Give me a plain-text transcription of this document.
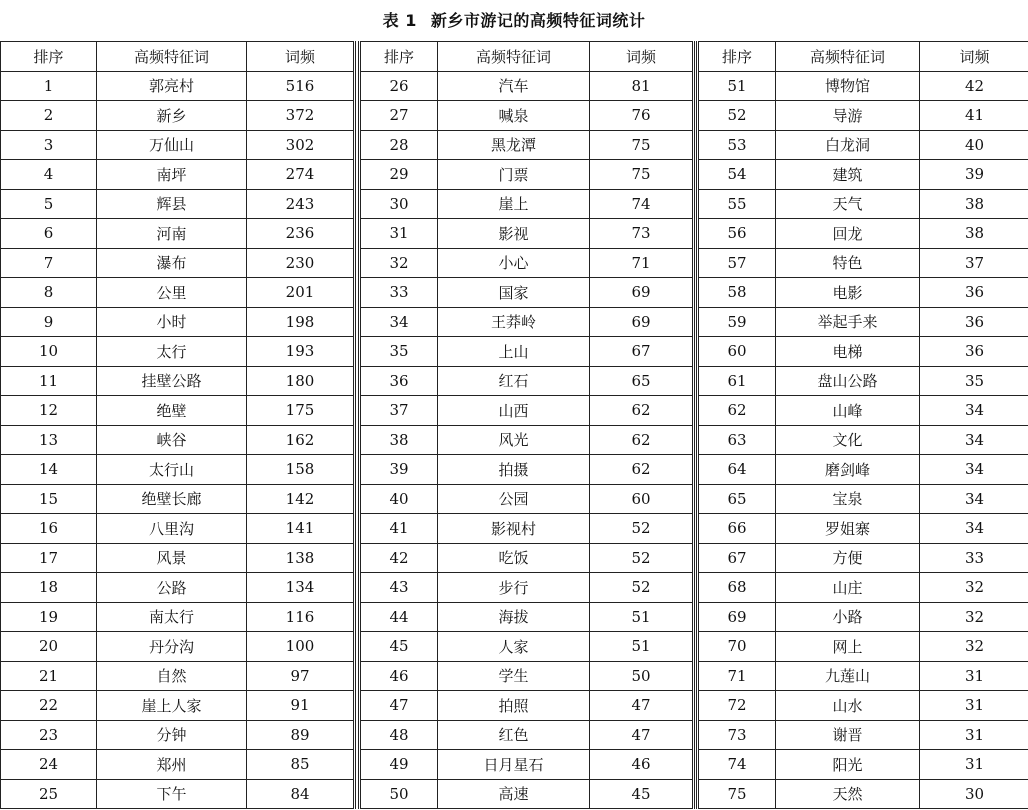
表 1 新乡市游记的高频特征词统计
排序	高频特征词	词频
1	郭亮村	516
2	新乡	372
3	万仙山	302
4	南坪	274
5	辉县	243
6	河南	236
7	瀑布	230
8	公里	201
9	小时	198
10	太行	193
11	挂壁公路	180
12	绝壁	175
13	峡谷	162
14	太行山	158
15	绝壁长廊	142
16	八里沟	141
17	风景	138
18	公路	134
19	南太行	116
20	丹分沟	100
21	自然	97
22	崖上人家	91
23	分钟	89
24	郑州	85
25	下午	84
排序	高频特征词	词频
26	汽车	81
27	喊泉	76
28	黑龙潭	75
29	门票	75
30	崖上	74
31	影视	73
32	小心	71
33	国家	69
34	王莽岭	69
35	上山	67
36	红石	65
37	山西	62
38	风光	62
39	拍摄	62
40	公园	60
41	影视村	52
42	吃饭	52
43	步行	52
44	海拔	51
45	人家	51
46	学生	50
47	拍照	47
48	红色	47
49	日月星石	46
50	高速	45
排序	高频特征词	词频
51	博物馆	42
52	导游	41
53	白龙洞	40
54	建筑	39
55	天气	38
56	回龙	38
57	特色	37
58	电影	36
59	举起手来	36
60	电梯	36
61	盘山公路	35
62	山峰	34
63	文化	34
64	磨剑峰	34
65	宝泉	34
66	罗姐寨	34
67	方便	33
68	山庄	32
69	小路	32
70	网上	32
71	九莲山	31
72	山水	31
73	谢晋	31
74	阳光	31
75	天然	30
